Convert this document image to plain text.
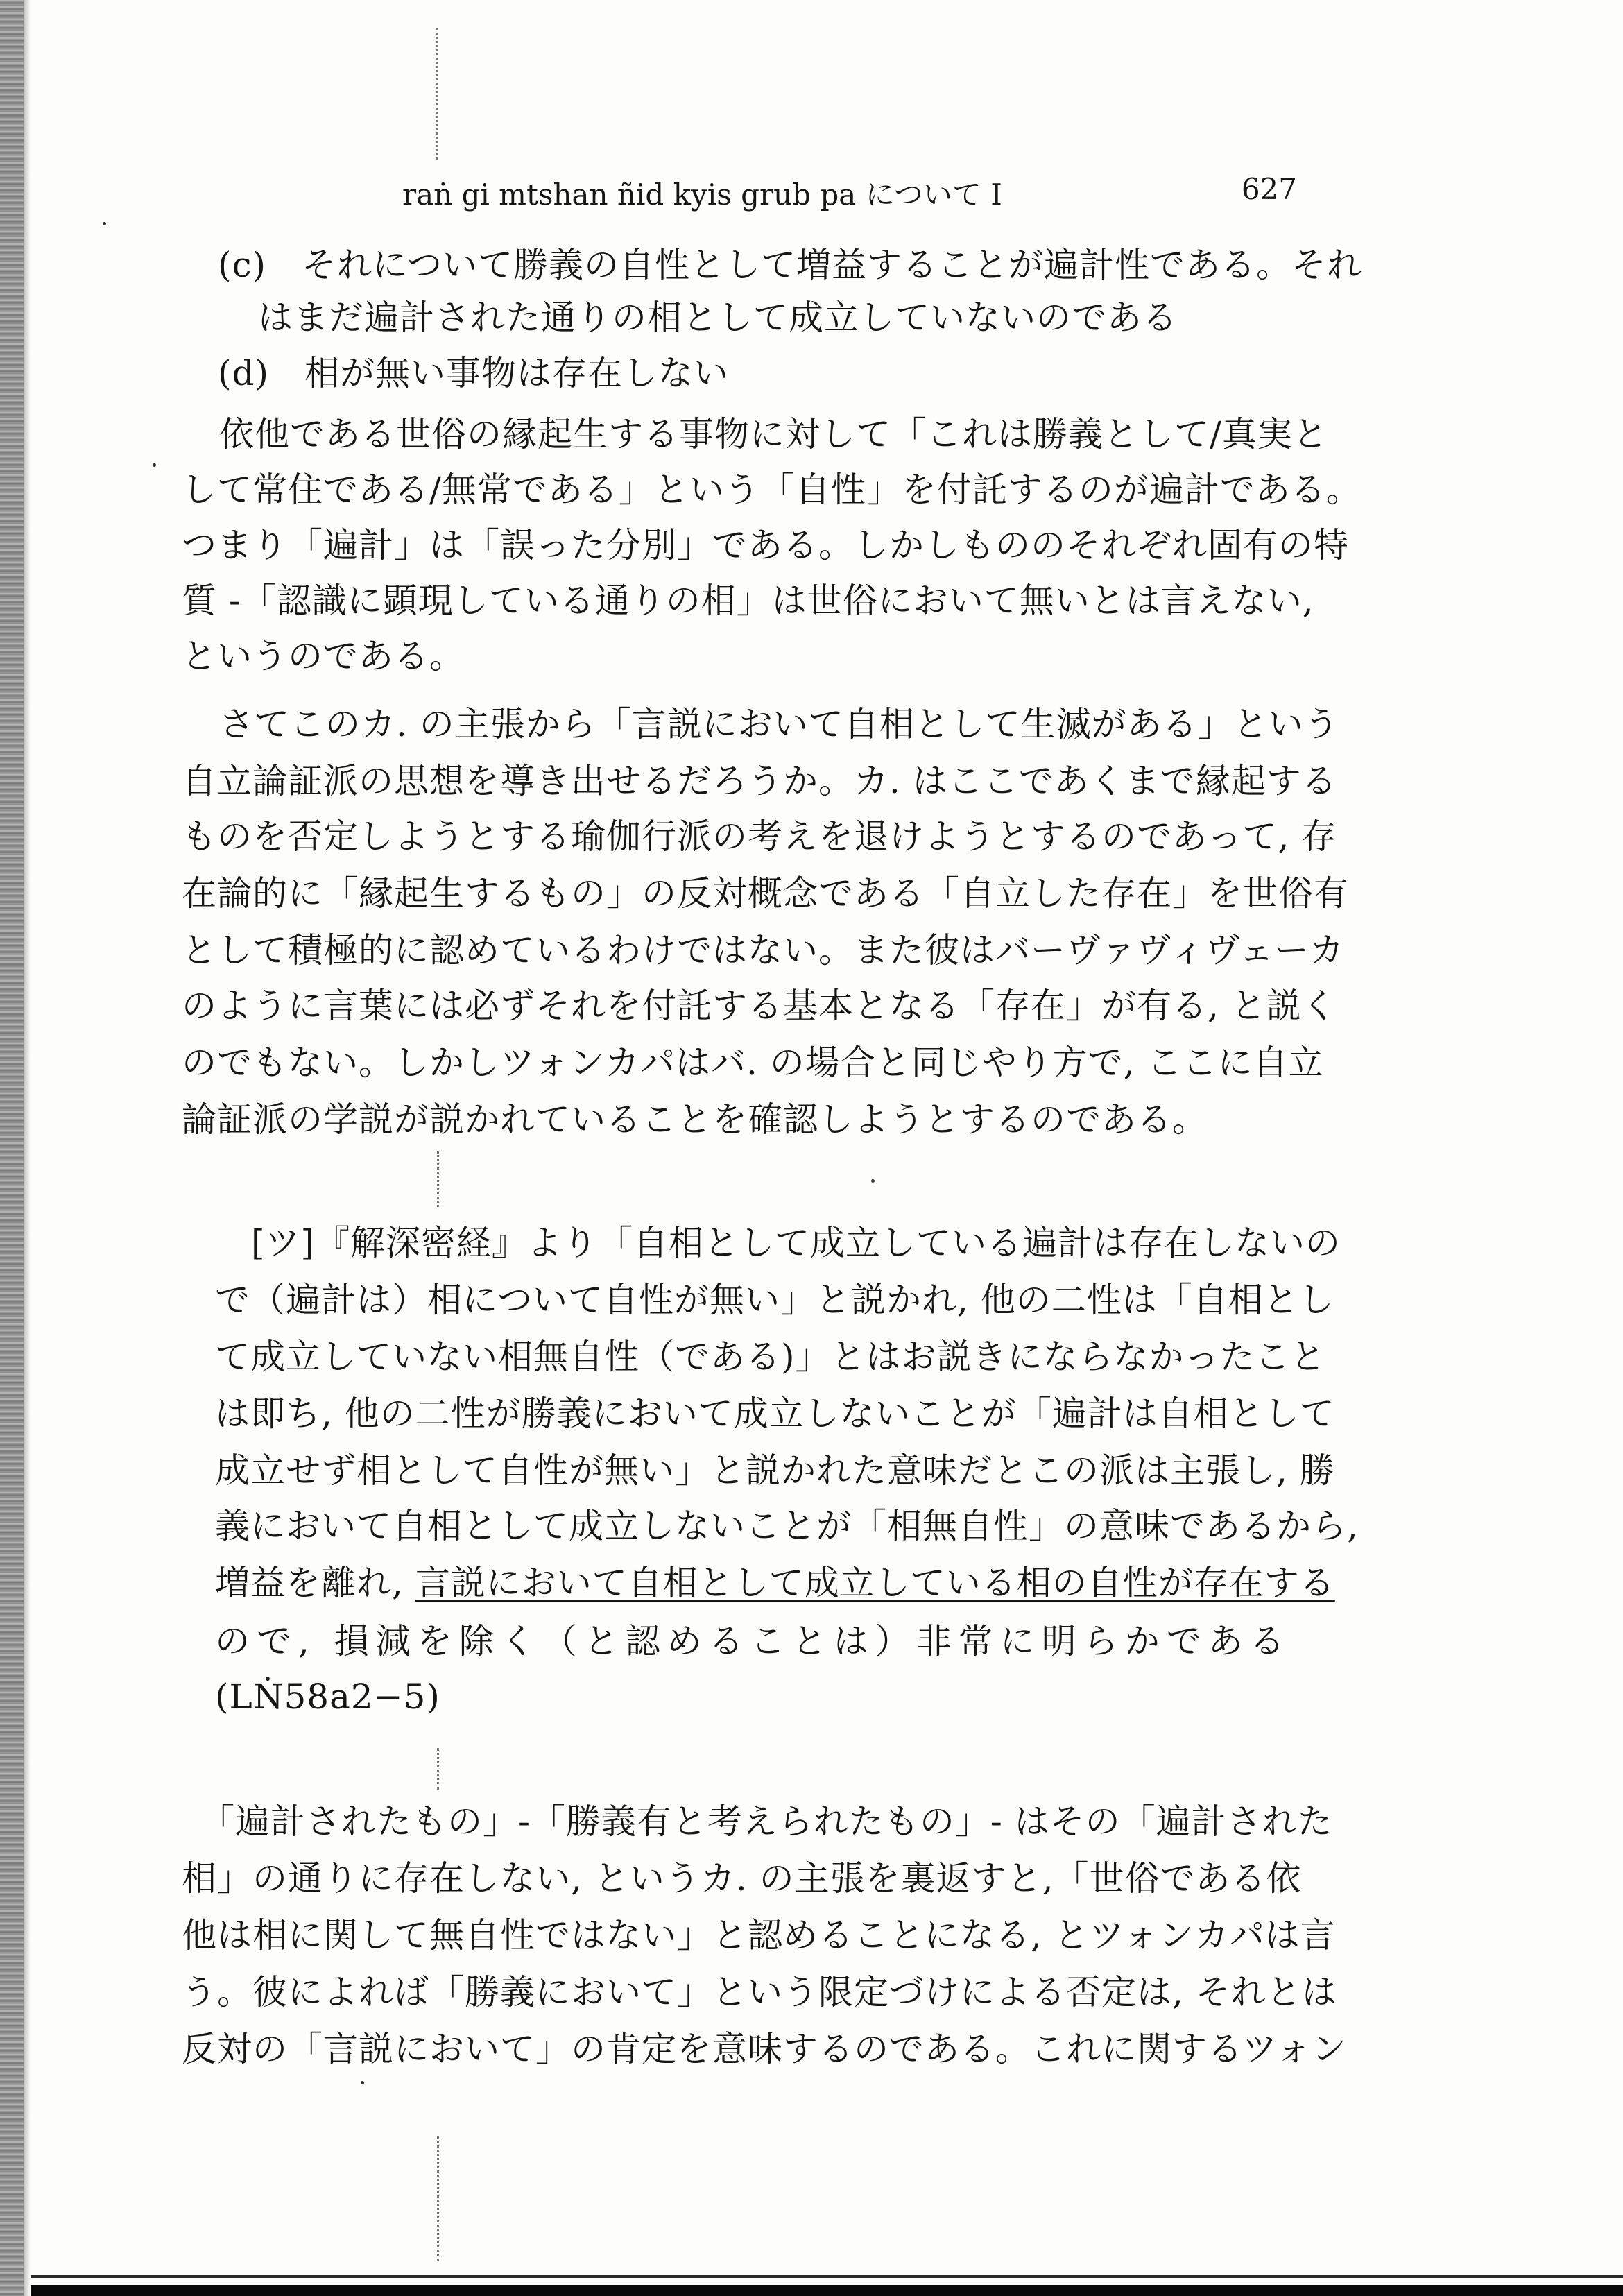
raṅ gi mtshan ñid kyis grub pa について Ⅰ	627
(c)　それについて勝義の自性として増益することが遍計性である。それ
はまだ遍計された通りの相として成立していないのである
(d)　相が無い事物は存在しない
依他である世俗の縁起生する事物に対して「これは勝義として/真実と
して常住である/無常である」という「自性」を付託するのが遍計である。
つまり「遍計」は「誤った分別」である。しかしもののそれぞれ固有の特
質 -「認識に顕現している通りの相」は世俗において無いとは言えない,
というのである。
さてこのカ. の主張から「言説において自相として生滅がある」という
自立論証派の思想を導き出せるだろうか。カ. はここであくまで縁起する
ものを否定しようとする瑜伽行派の考えを退けようとするのであって, 存
在論的に「縁起生するもの」の反対概念である「自立した存在」を世俗有
として積極的に認めているわけではない。また彼はバーヴァヴィヴェーカ
のように言葉には必ずそれを付託する基本となる「存在」が有る, と説く
のでもない。しかしツォンカパはバ. の場合と同じやり方で, ここに自立
論証派の学説が説かれていることを確認しようとするのである。
[ツ]『解深密経』より「自相として成立している遍計は存在しないの
で（遍計は）相について自性が無い」と説かれ, 他の二性は「自相とし
て成立していない相無自性（である)」とはお説きにならなかったこと
は即ち, 他の二性が勝義において成立しないことが「遍計は自相として
成立せず相として自性が無い」と説かれた意味だとこの派は主張し, 勝
義において自相として成立しないことが「相無自性」の意味であるから,
増益を離れ, 言説において自相として成立している相の自性が存在する
ので, 損減を除く（と認めることは）非常に明らかである
(LṄ58a2−5)
「遍計されたもの」-「勝義有と考えられたもの」- はその「遍計された
相」の通りに存在しない, というカ. の主張を裏返すと,「世俗である依
他は相に関して無自性ではない」と認めることになる, とツォンカパは言
う。彼によれば「勝義において」という限定づけによる否定は, それとは
反対の「言説において」の肯定を意味するのである。これに関するツォン
